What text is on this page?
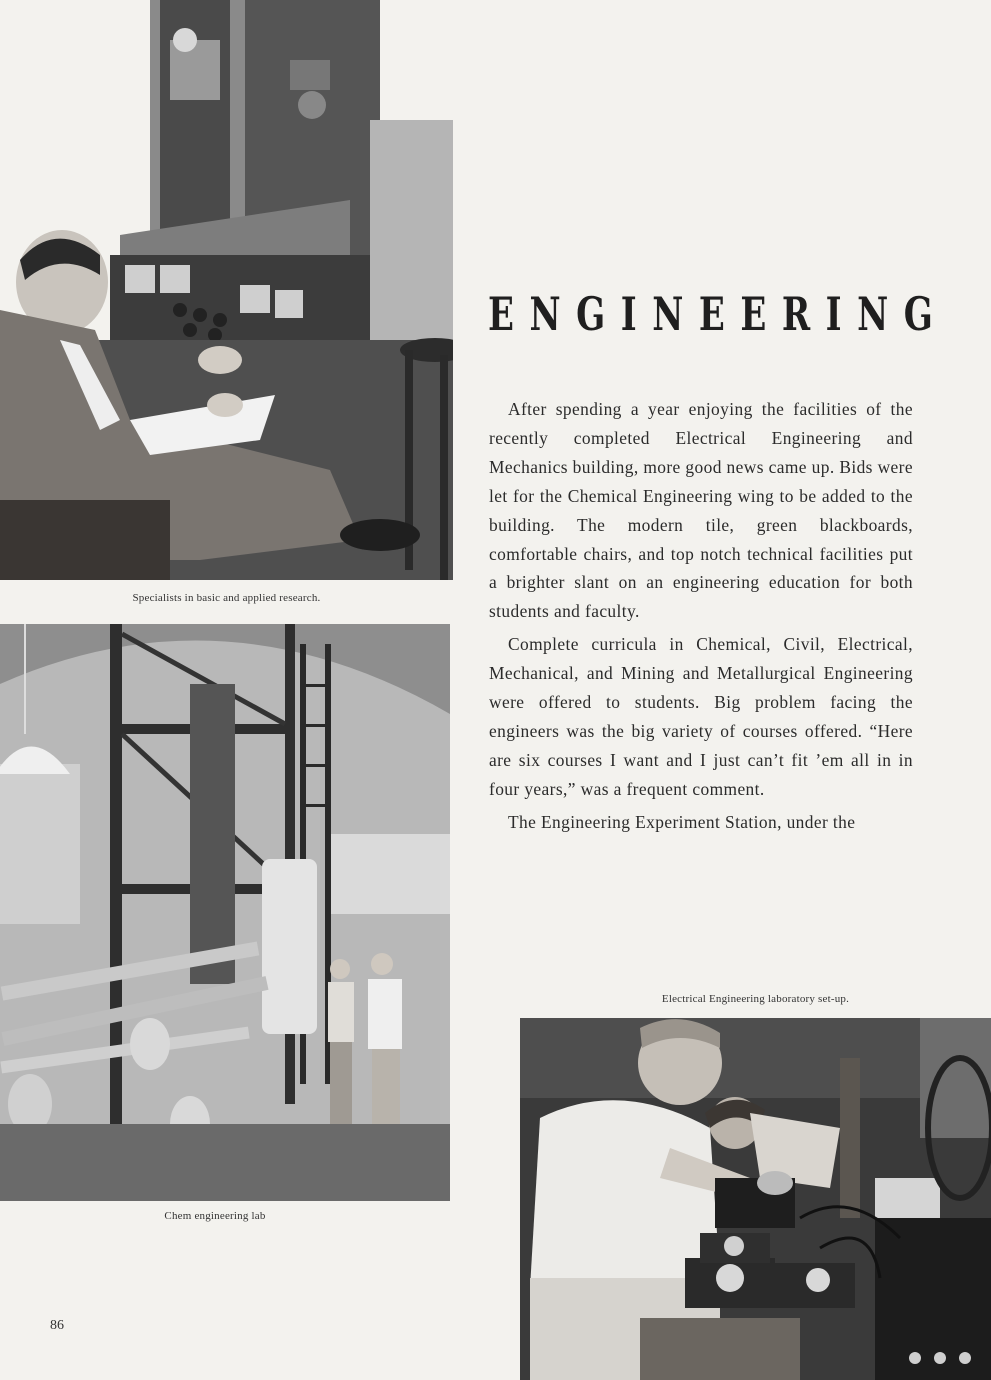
Specialists in basic and applied research.
Chem engineering lab
ENGINEERING

After spending a year enjoying the facilities of the recently completed Electrical Engineering and Mechanics building, more good news came up. Bids were let for the Chemical Engineering wing to be added to the building. The modern tile, green blackboards, comfortable chairs, and top notch technical facilities put a brighter slant on an engineering education for both students and faculty.

Complete curricula in Chemical, Civil, Electrical, Mechanical, and Mining and Metallurgical Engineering were offered to students. Big problem facing the engineers was the big variety of courses offered. “Here are six courses I want and I just can’t fit ’em all in in four years,” was a frequent comment.

The Engineering Experiment Station, under the

Electrical Engineering laboratory set-up.
86
